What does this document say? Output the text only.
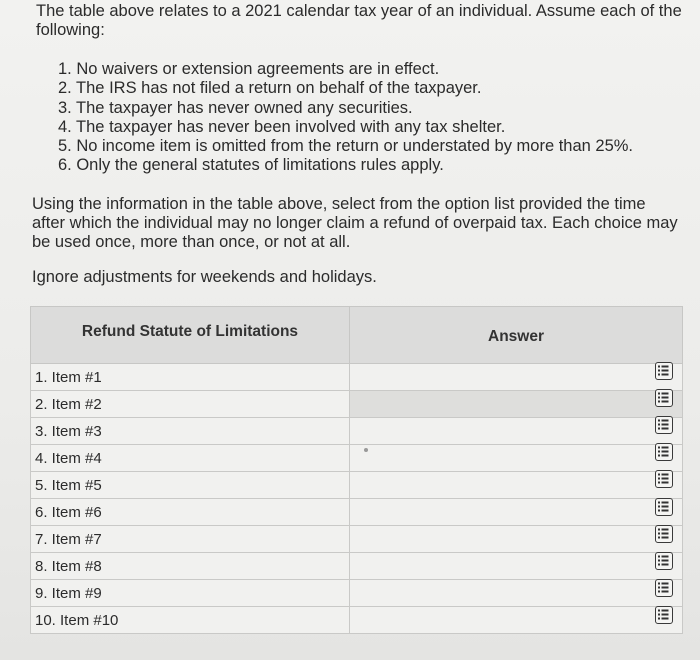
The table above relates to a 2021 calendar tax year of an individual. Assume each of the following:

1. No waivers or extension agreements are in effect.
2. The IRS has not filed a return on behalf of the taxpayer.
3. The taxpayer has never owned any securities.
4. The taxpayer has never been involved with any tax shelter.
5. No income item is omitted from the return or understated by more than 25%.
6. Only the general statutes of limitations rules apply.

Using the information in the table above, select from the option list provided the time after which the individual may no longer claim a refund of overpaid tax. Each choice may be used once, more than once, or not at all.

Ignore adjustments for weekends and holidays.

Refund Statute of Limitations	Answer
1. Item #1	
2. Item #2	
3. Item #3	
4. Item #4	
5. Item #5	
6. Item #6	
7. Item #7	
8. Item #8	
9. Item #9	
10. Item #10	
